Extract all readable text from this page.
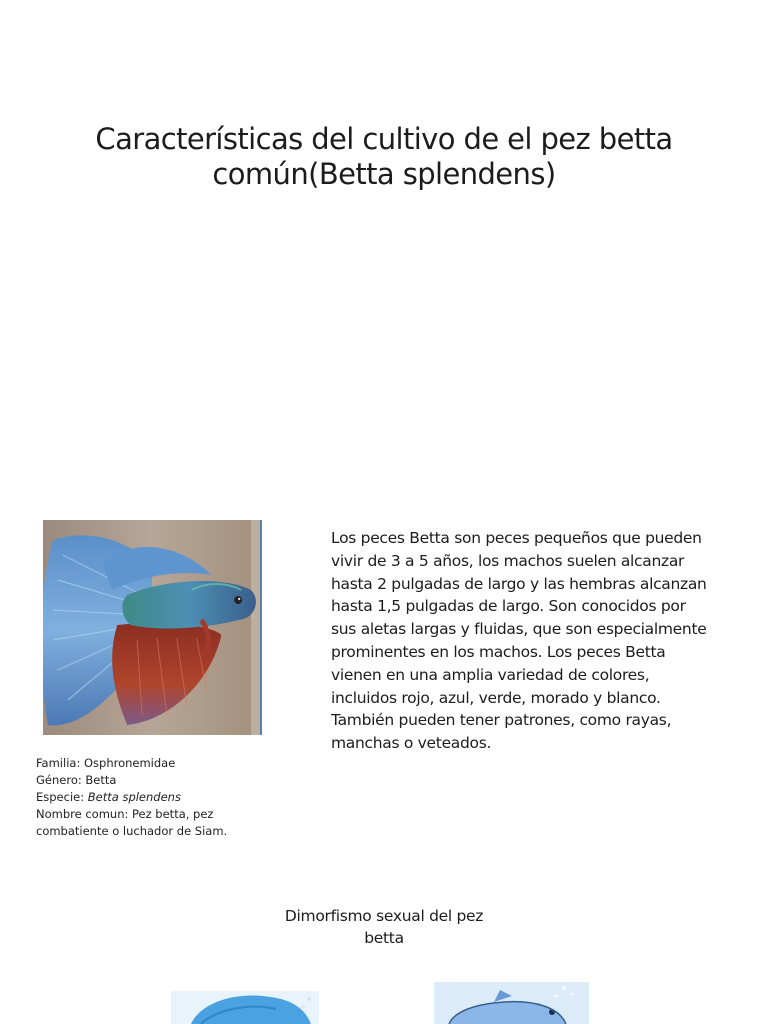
Características del cultivo de el pez betta común(Betta splendens)
Familia: Osphronemidae
Género: Betta
Especie: Betta splendens
Nombre comun: Pez betta, pez combatiente o luchador de Siam.

Los peces Betta son peces pequeños que pueden vivir de 3 a 5 años, los machos suelen alcanzar hasta 2 pulgadas de largo y las hembras alcanzan hasta 1,5 pulgadas de largo. Son conocidos por sus aletas largas y fluidas, que son especialmente prominentes en los machos. Los peces Betta vienen en una amplia variedad de colores, incluidos rojo, azul, verde, morado y blanco. También pueden tener patrones, como rayas, manchas o veteados.

Dimorfismo sexual del pez betta
